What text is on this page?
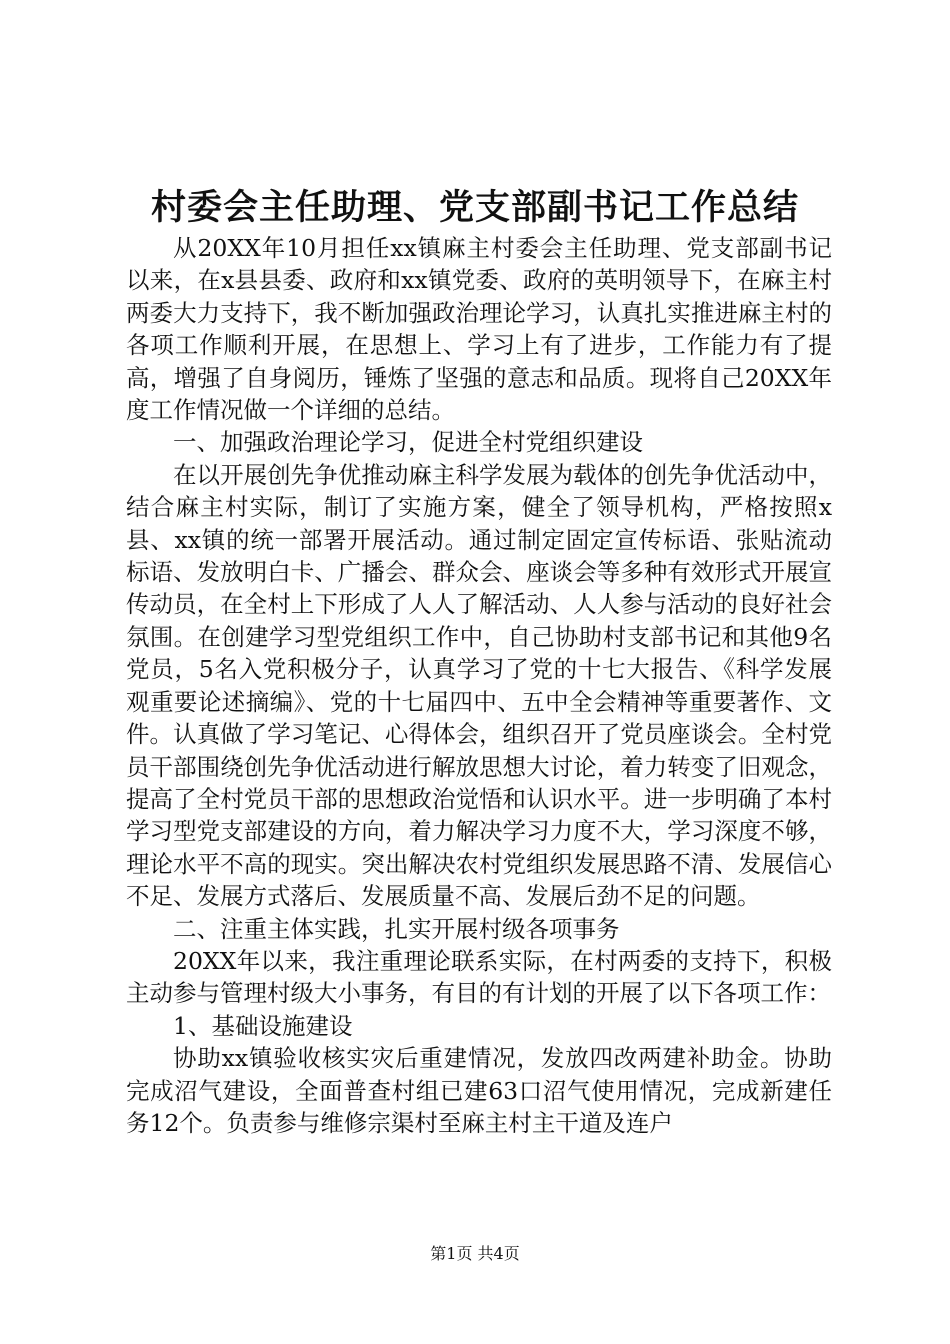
村委会主任助理、党支部副书记工作总结

从20XX年10月担任xx镇麻主村委会主任助理、党支部副书记以来，在x县县委、政府和xx镇党委、政府的英明领导下，在麻主村两委大力支持下，我不断加强政治理论学习，认真扎实推进麻主村的各项工作顺利开展，在思想上、学习上有了进步，工作能力有了提高，增强了自身阅历，锤炼了坚强的意志和品质。现将自己20XX年度工作情况做一个详细的总结。

一、加强政治理论学习，促进全村党组织建设

在以开展创先争优推动麻主科学发展为载体的创先争优活动中，结合麻主村实际，制订了实施方案，健全了领导机构，严格按照x县、xx镇的统一部署开展活动。通过制定固定宣传标语、张贴流动标语、发放明白卡、广播会、群众会、座谈会等多种有效形式开展宣传动员，在全村上下形成了人人了解活动、人人参与活动的良好社会氛围。在创建学习型党组织工作中，自己协助村支部书记和其他9名党员，5名入党积极分子，认真学习了党的十七大报告、《科学发展观重要论述摘编》、党的十七届四中、五中全会精神等重要著作、文件。认真做了学习笔记、心得体会，组织召开了党员座谈会。全村党员干部围绕创先争优活动进行解放思想大讨论，着力转变了旧观念，提高了全村党员干部的思想政治觉悟和认识水平。进一步明确了本村学习型党支部建设的方向，着力解决学习力度不大，学习深度不够，理论水平不高的现实。突出解决农村党组织发展思路不清、发展信心不足、发展方式落后、发展质量不高、发展后劲不足的问题。

二、注重主体实践，扎实开展村级各项事务

20XX年以来，我注重理论联系实际，在村两委的支持下，积极主动参与管理村级大小事务，有目的有计划的开展了以下各项工作：

1、基础设施建设

协助xx镇验收核实灾后重建情况，发放四改两建补助金。协助完成沼气建设，全面普查村组已建63口沼气使用情况，完成新建任务12个。负责参与维修宗渠村至麻主村主干道及连户

第1页 共4页
